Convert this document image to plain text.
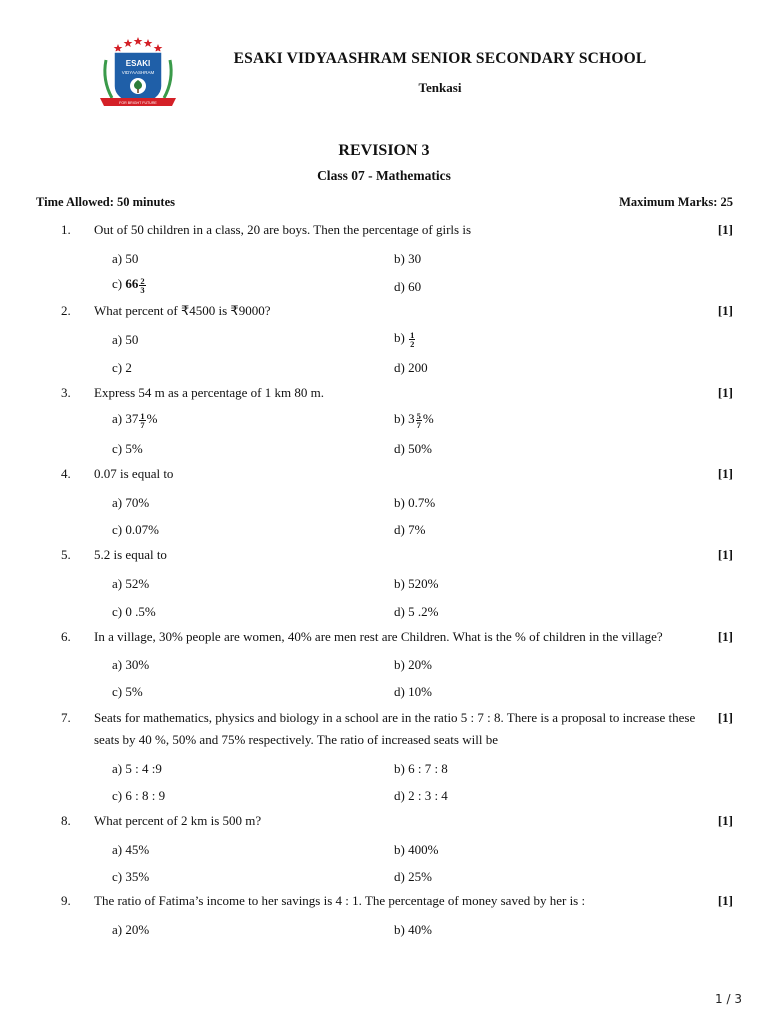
ESAKI
VIDYAASHRAM
FOR BRIGHT FUTURE
ESAKI VIDYAASHRAM SENIOR SECONDARY SCHOOL
Tenkasi
REVISION 3
Class 07 - Mathematics
Time Allowed: 50 minutes	Maximum Marks: 25
1. Out of 50 children in a class, 20 are boys. Then the percentage of girls is	[1]
a) 50	b) 30
c) $66 \frac{2}{3}$	d) 60
2. What percent of ₹4500 is ₹9000?	[1]
a) 50	$b) \frac{1}{2}$
c) 2	d) 200
3. Express 54 m as a percentage of 1 km 80 m.	[1]
a) $37 \frac{1}{7}$ %	b) $3 \frac{5}{7}$ %
c) 5%	d) 50%
4. 0.07 is equal to	[1]
a) 70%	b) 0.7%
c) 0.07%	d) 7%
5. 5.2 is equal to	[1]
a) 52%	b) 520%
c) 0 .5%	d) 5 .2%
6. In a village, 30% people are women, 40% are men rest are Children. What is the % of children in the village?	[1]
a) 30%	b) 20%
c) 5%	d) 10%
7. Seats for mathematics, physics and biology in a school are in the ratio 5 : 7 : 8. There is a proposal to increase these seats by 40 %, 50% and 75% respectively. The ratio of increased seats will be
[1]
a) 5 : 4 :9	b) 6 : 7 : 8
c) 6 : 8 : 9	d) 2 : 3 : 4
8. What percent of 2 km is 500 m?	[1]
a) 45%	b) 400%
c) 35%	d) 25%
9. The ratio of Fatima’s income to her savings is 4 : 1. The percentage of money saved by her is :	[1]
a) 20%	b) 40%
1 / 3
